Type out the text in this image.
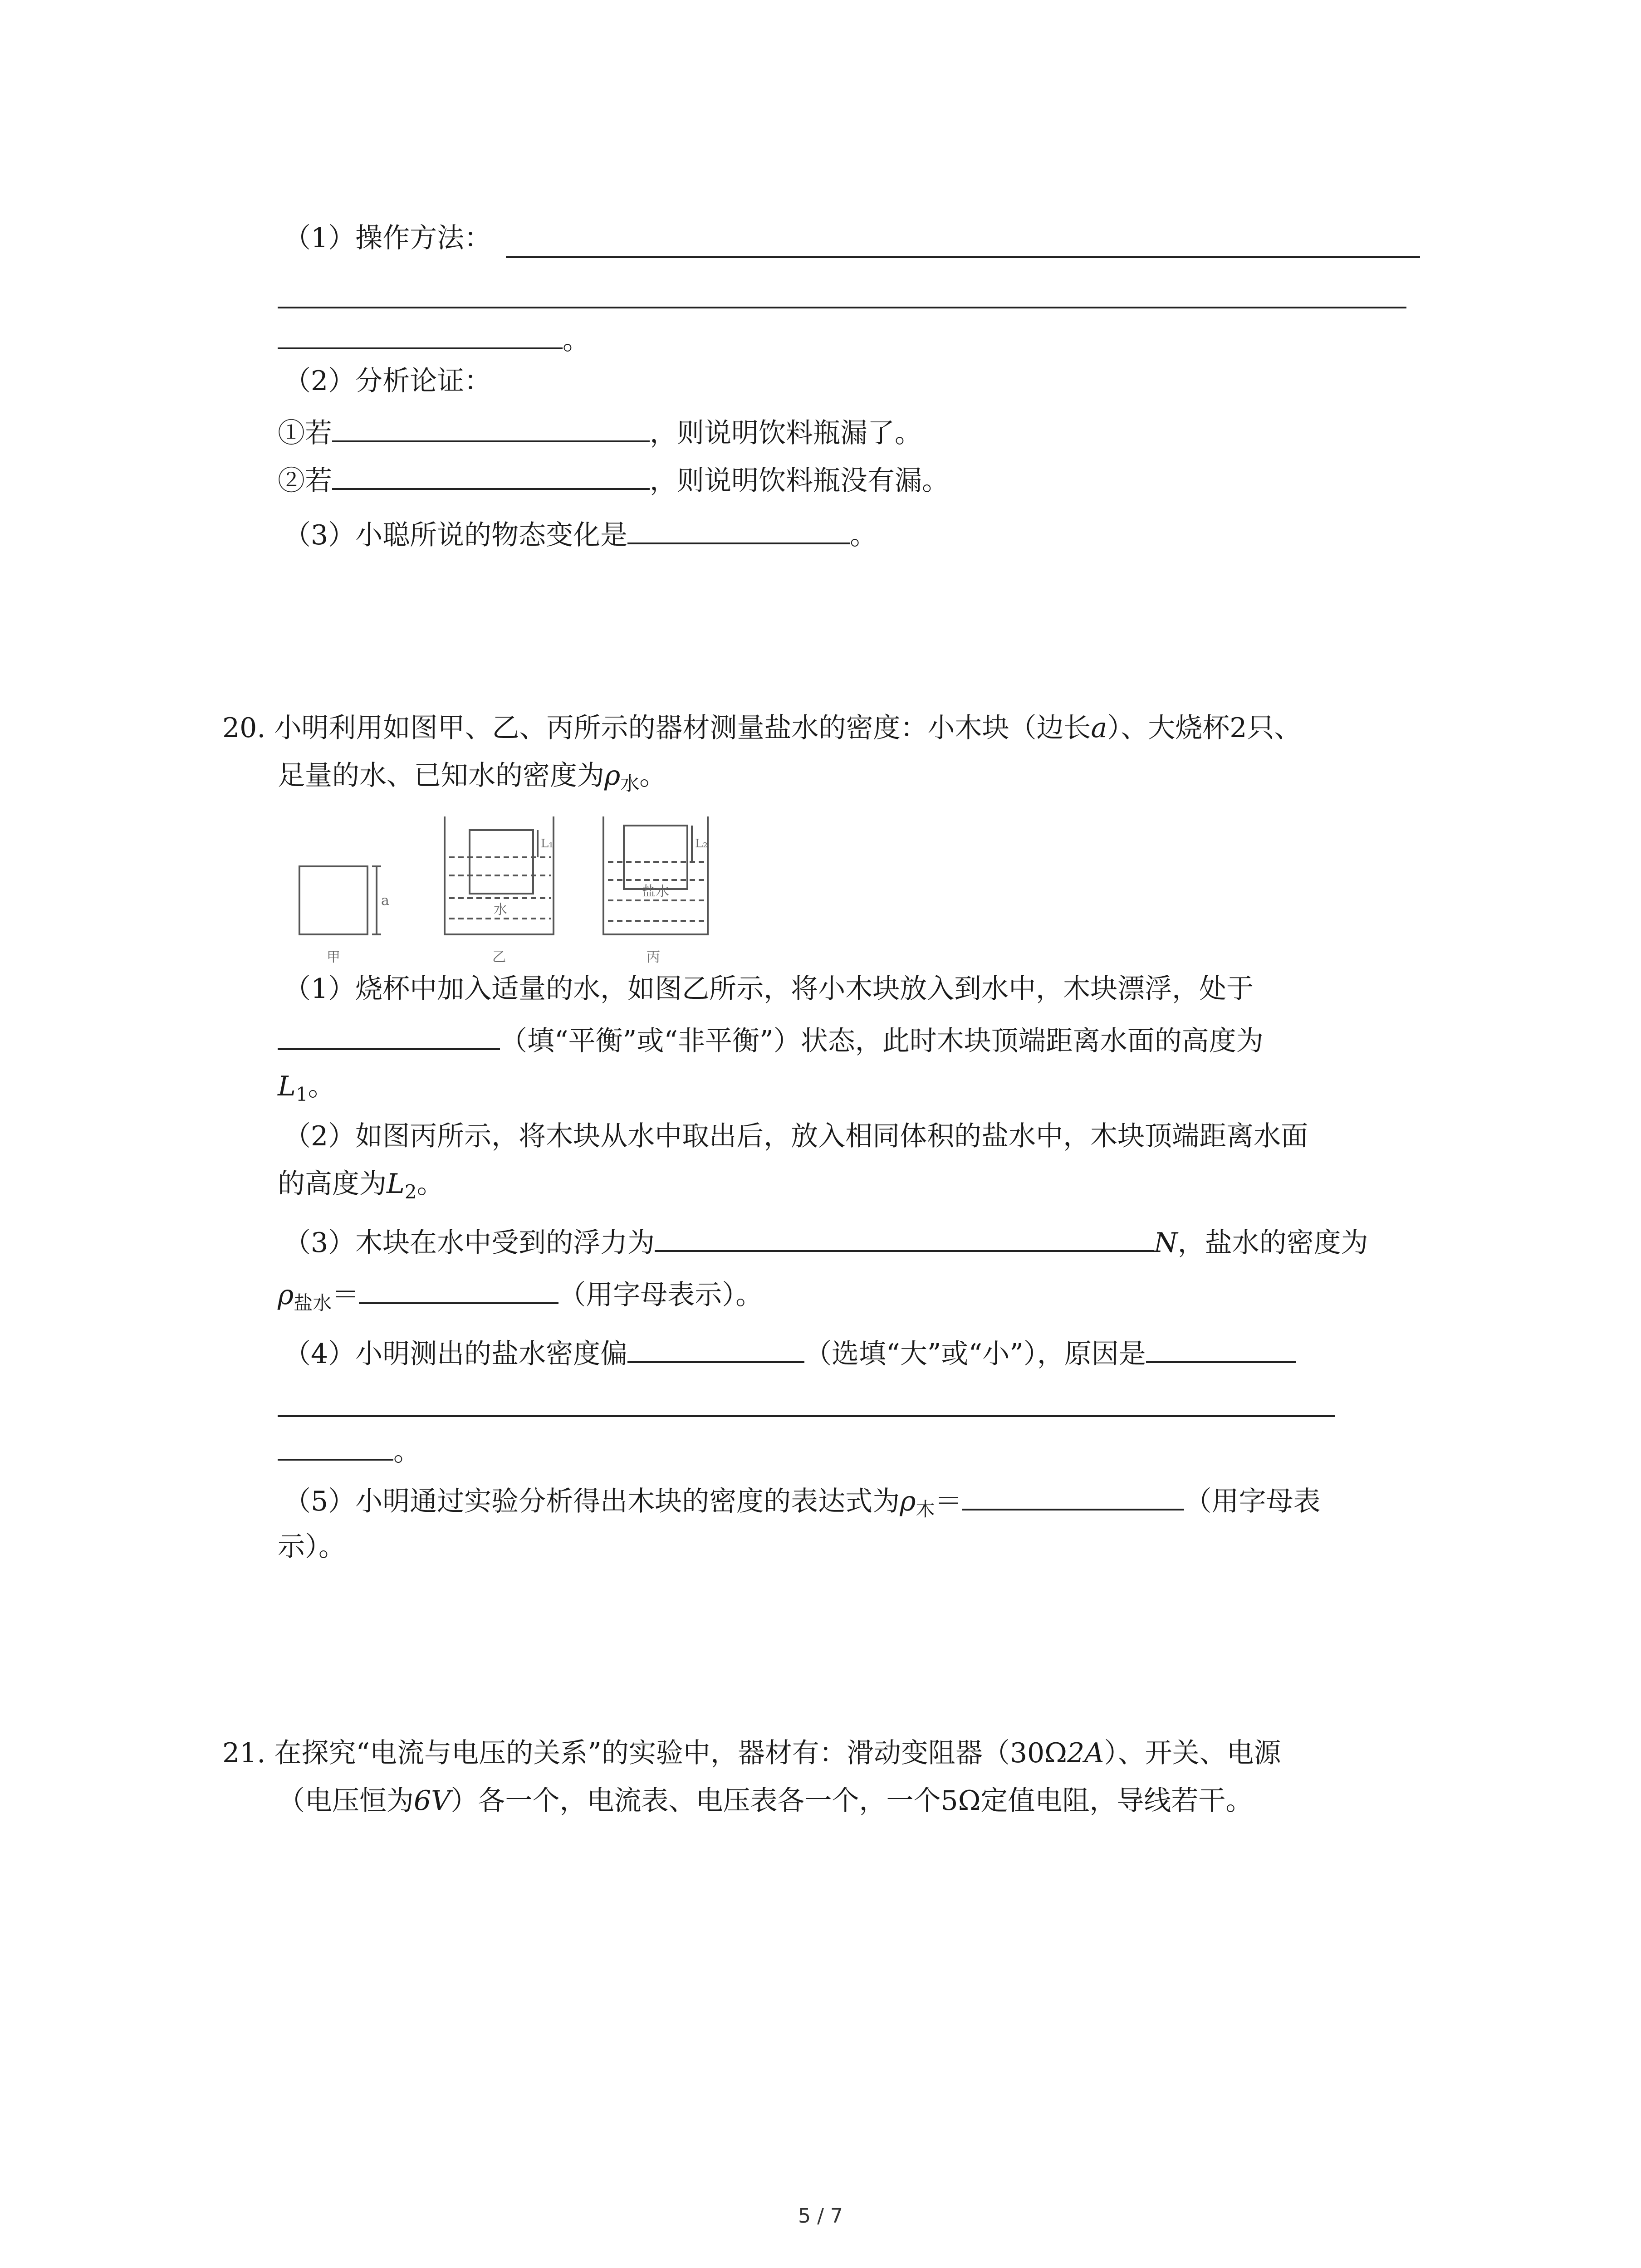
（1）操作方法：
。
（2）分析论证：
①若	，则说明饮料瓶漏了。
②若	，则说明饮料瓶没有漏。
（3）小聪所说的物态变化是	。
20. 小明利用如图甲、乙、丙所示的器材测量盐水的密度：小木块（边长a）、大烧杯2只、
足量的水、已知水的密度为$\rho_水$。
a
水
盐水
L₁	L₂
甲	乙	丙
（1）烧杯中加入适量的水，如图乙所示，将小木块放入到水中，木块漂浮，处于
（填“平衡”或“非平衡”）状态，此时木块顶端距离水面的高度为
$L_1$。
（2）如图丙所示，将木块从水中取出后，放入相同体积的盐水中，木块顶端距离水面
的高度为$L_2$。
（3）木块在水中受到的浮力为	N，盐水的密度为
$\rho_{盐水}=$	（用字母表示）。
（4）小明测出的盐水密度偏	（选填“大”或“小”），原因是
。
（5）小明通过实验分析得出木块的密度的表达式为$\rho_木=$	（用字母表
示）。
21. 在探究“电流与电压的关系”的实验中，器材有：滑动变阻器（30Ω2A）、开关、电源
（电压恒为6V）各一个，电流表、电压表各一个，一个5Ω定值电阻，导线若干。
5 / 7
